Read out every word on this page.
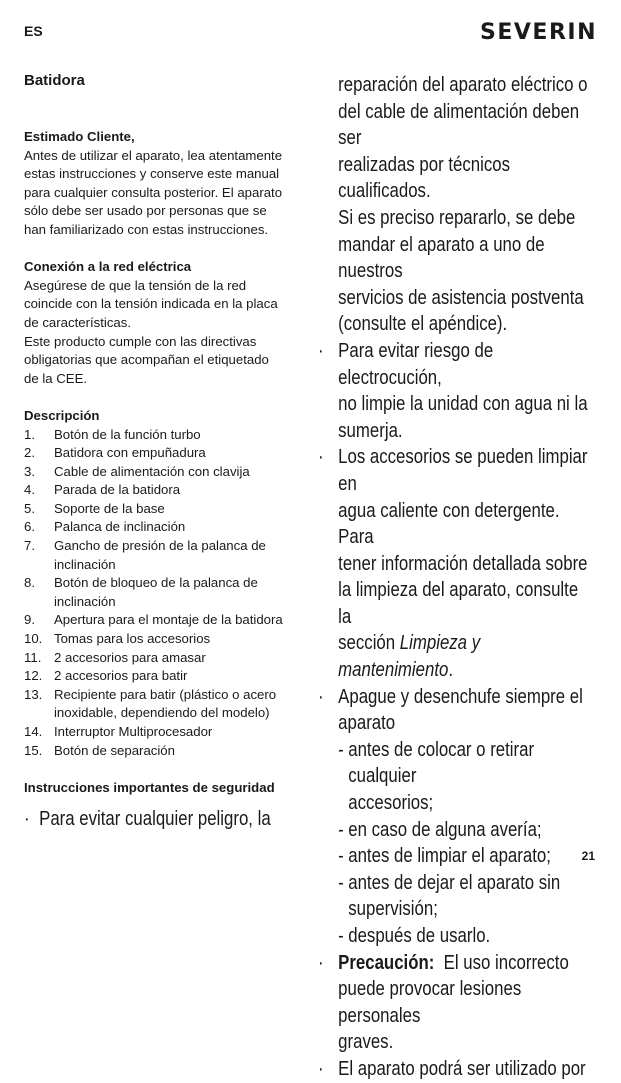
ES	SEVERIN
Batidora
Estimado Cliente,

Antes de utilizar el aparato, lea atentamente

estas instrucciones y conserve este manual

para cualquier consulta posterior. El aparato

sólo debe ser usado por personas que se

han familiarizado con estas instrucciones.

Conexión a la red eléctrica

Asegúrese de que la tensión de la red

coincide con la tensión indicada en la placa

de características.

Este producto cumple con las directivas

obligatorias que acompañan el etiquetado

de la CEE.

Descripción
1. Botón de la función turbo
2. Batidora con empuñadura
3. Cable de alimentación con clavija
4. Parada de la batidora
5. Soporte de la base
6. Palanca de inclinación
7. Gancho de presión de la palanca de
inclinación
8. Botón de bloqueo de la palanca de
inclinación
9. Apertura para el montaje de la batidora
10. Tomas para los accesorios
11. 2 accesorios para amasar
12. 2 accesorios para batir
13. Recipiente para batir (plástico o acero
inoxidable, dependiendo del modelo)
14. Interruptor Multiprocesador
15. Botón de separación
Instrucciones importantes de seguridad
· Para evitar cualquier peligro, la

reparación del aparato eléctrico o

del cable de alimentación deben ser

realizadas por técnicos cualificados.

Si es preciso repararlo, se debe

mandar el aparato a uno de nuestros

servicios de asistencia postventa

(consulte el apéndice).

· Para evitar riesgo de electrocución,

no limpie la unidad con agua ni la

sumerja.

· Los accesorios se pueden limpiar en

agua caliente con detergente. Para

tener información detallada sobre

la limpieza del aparato, consulte la

sección Limpieza y mantenimiento.

· Apague y desenchufe siempre el

aparato

- antes de colocar o retirar cualquier

accesorios;

- en caso de alguna avería;

- antes de limpiar el aparato;

- antes de dejar el aparato sin

supervisión;

- después de usarlo.

· Precaución: El uso incorrecto

puede provocar lesiones personales

graves.

· El aparato podrá ser utilizado por

21
